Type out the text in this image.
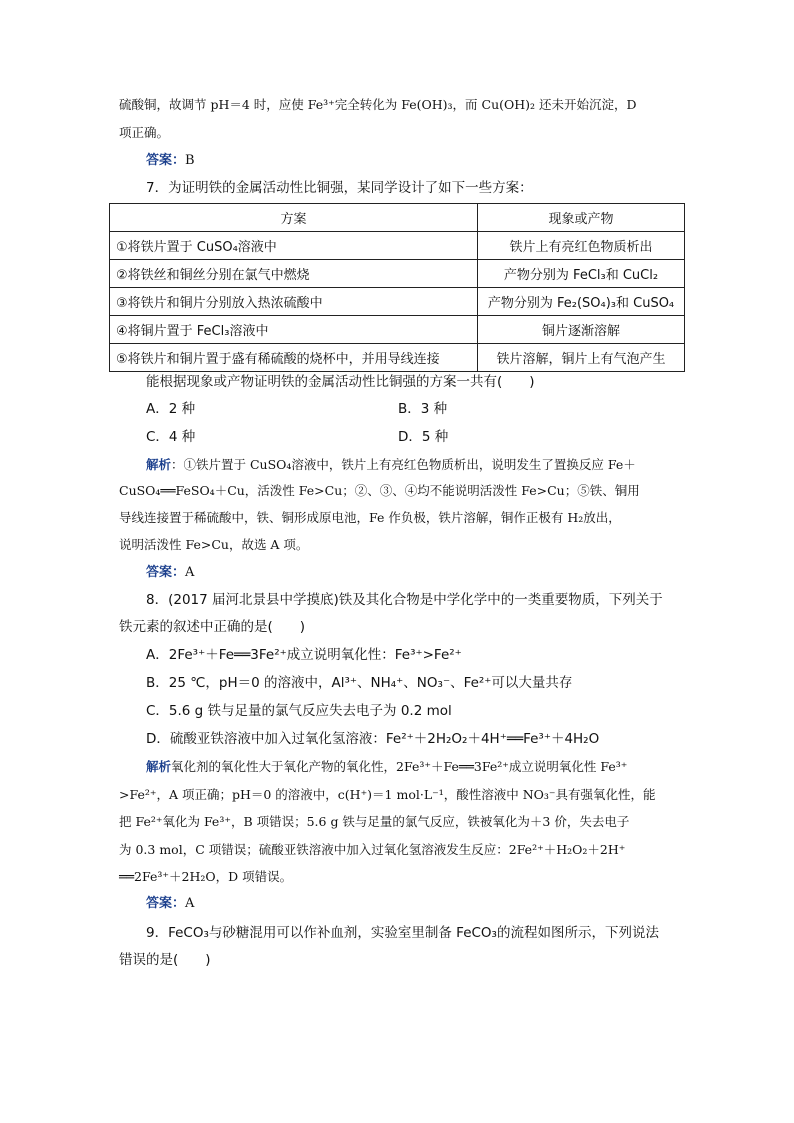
硫酸铜，故调节 pH＝4 时，应使 Fe³⁺完全转化为 Fe(OH)₃，而 Cu(OH)₂ 还未开始沉淀，D
项正确。
答案：B
7．为证明铁的金属活动性比铜强，某同学设计了如下一些方案：
方案	现象或产物
①将铁片置于 CuSO₄溶液中	铁片上有亮红色物质析出
②将铁丝和铜丝分别在氯气中燃烧	产物分别为 FeCl₃和 CuCl₂
③将铁片和铜片分别放入热浓硫酸中	产物分别为 Fe₂(SO₄)₃和 CuSO₄
④将铜片置于 FeCl₃溶液中	铜片逐渐溶解
⑤将铁片和铜片置于盛有稀硫酸的烧杯中，并用导线连接	铁片溶解，铜片上有气泡产生
能根据现象或产物证明铁的金属活动性比铜强的方案一共有(　　)
A．2 种	B．3 种
C．4 种	D．5 种
解析：①铁片置于 CuSO₄溶液中，铁片上有亮红色物质析出，说明发生了置换反应 Fe＋
CuSO₄══FeSO₄＋Cu，活泼性 Fe>Cu；②、③、④均不能说明活泼性 Fe>Cu；⑤铁、铜用
导线连接置于稀硫酸中，铁、铜形成原电池，Fe 作负极，铁片溶解，铜作正极有 H₂放出，
说明活泼性 Fe>Cu，故选 A 项。
答案：A
8．(2017 届河北景县中学摸底)铁及其化合物是中学化学中的一类重要物质，下列关于
铁元素的叙述中正确的是(　　)
A．2Fe³⁺＋Fe══3Fe²⁺成立说明氧化性：Fe³⁺>Fe²⁺
B．25 ℃，pH＝0 的溶液中，Al³⁺、NH₄⁺、NO₃⁻、Fe²⁺可以大量共存
C．5.6 g 铁与足量的氯气反应失去电子为 0.2 mol
D．硫酸亚铁溶液中加入过氧化氢溶液：Fe²⁺＋2H₂O₂＋4H⁺══Fe³⁺＋4H₂O
解析氧化剂的氧化性大于氧化产物的氧化性，2Fe³⁺＋Fe══3Fe²⁺成立说明氧化性 Fe³⁺
>Fe²⁺，A 项正确；pH＝0 的溶液中，c(H⁺)＝1 mol·L⁻¹，酸性溶液中 NO₃⁻具有强氧化性，能
把 Fe²⁺氧化为 Fe³⁺，B 项错误；5.6 g 铁与足量的氯气反应，铁被氧化为＋3 价，失去电子
为 0.3 mol，C 项错误；硫酸亚铁溶液中加入过氧化氢溶液发生反应：2Fe²⁺＋H₂O₂＋2H⁺
══2Fe³⁺＋2H₂O，D 项错误。
答案：A
9．FeCO₃与砂糖混用可以作补血剂，实验室里制备 FeCO₃的流程如图所示，下列说法
错误的是(　　)
